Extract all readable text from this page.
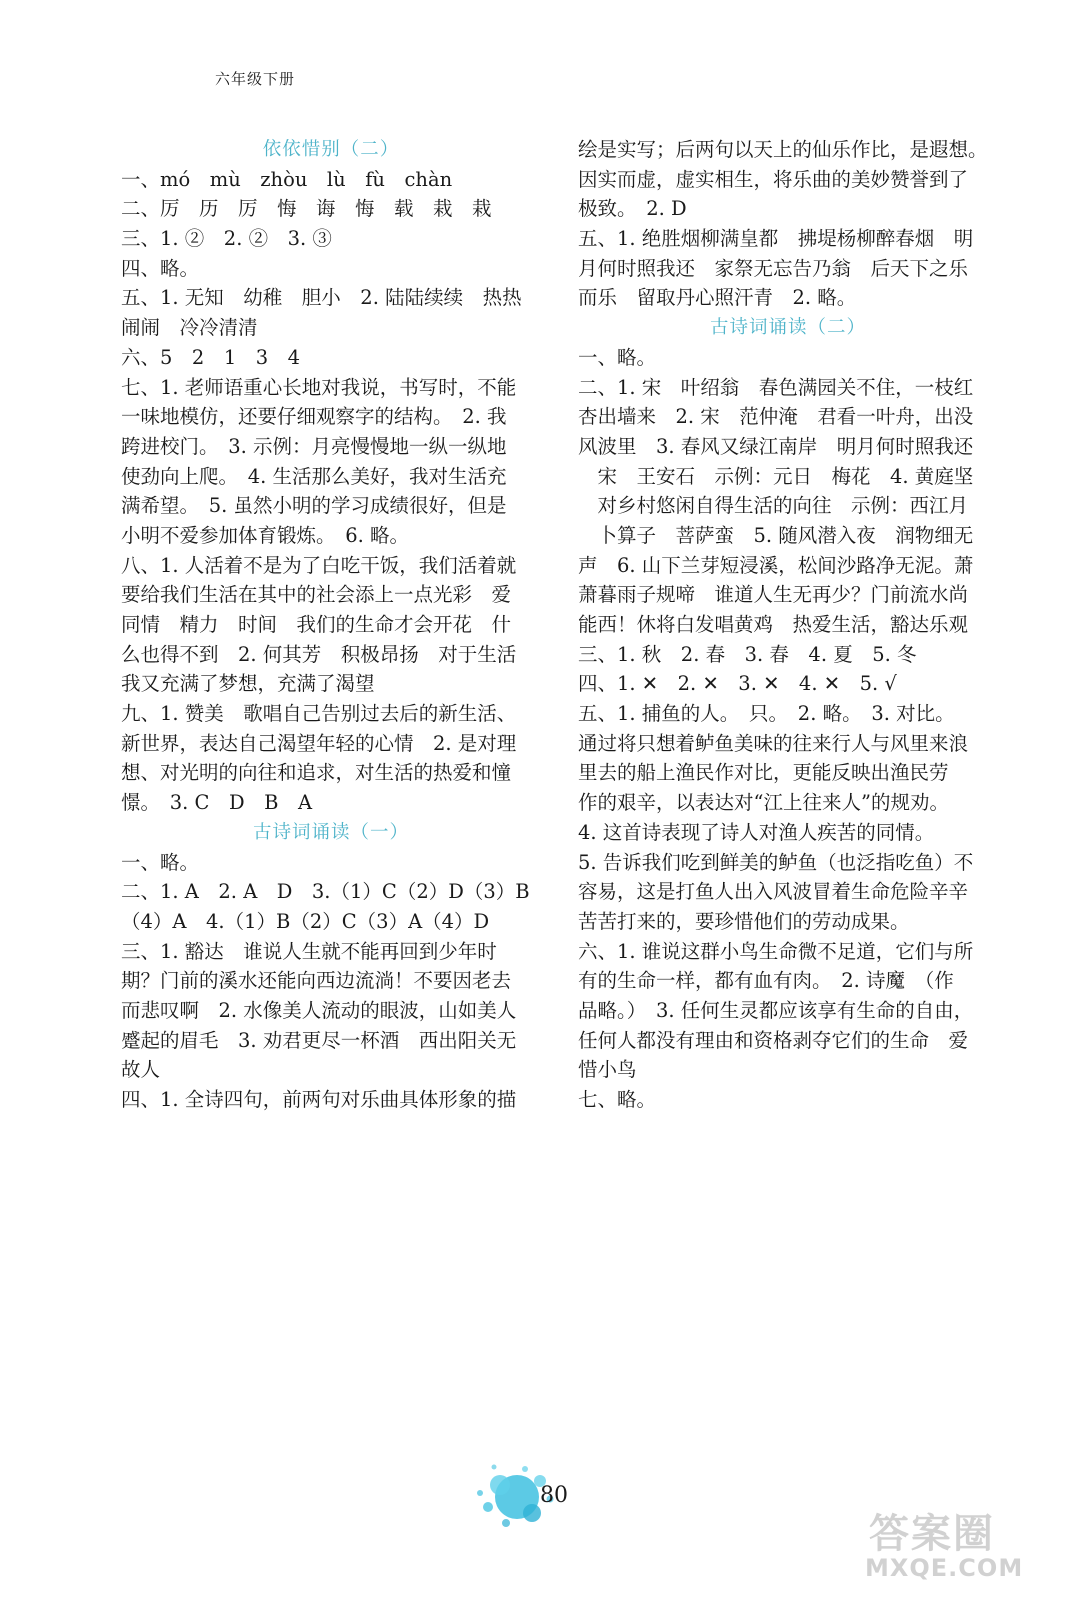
六年级下册
依依惜别（二）
一、mó　mù　zhòu　lù　fù　chàn
二、厉　历　厉　悔　诲　悔　载　栽　栽
三、1. ②　2. ②　3. ③
四、略。
五、1. 无知　幼稚　胆小　2. 陆陆续续　热热
闹闹　冷冷清清
六、5　2　1　3　4
七、1. 老师语重心长地对我说，书写时，不能
一味地模仿，还要仔细观察字的结构。　2. 我
跨进校门。　3. 示例：月亮慢慢地一纵一纵地
使劲向上爬。　4. 生活那么美好，我对生活充
满希望。　5. 虽然小明的学习成绩很好，但是
小明不爱参加体育锻炼。　6. 略。
八、1. 人活着不是为了白吃干饭，我们活着就
要给我们生活在其中的社会添上一点光彩　爱
同情　精力　时间　我们的生命才会开花　什
么也得不到　2. 何其芳　积极昂扬　对于生活
我又充满了梦想，充满了渴望
九、1. 赞美　歌唱自己告别过去后的新生活、
新世界，表达自己渴望年轻的心情　2. 是对理
想、对光明的向往和追求，对生活的热爱和憧
憬。　3. C　D　B　A
古诗词诵读（一）
一、略。
二、1. A　2. A　D　3.（1）C（2）D（3）B
（4）A　4.（1）B（2）C（3）A（4）D
三、1. 豁达　谁说人生就不能再回到少年时
期？门前的溪水还能向西边流淌！不要因老去
而悲叹啊　2. 水像美人流动的眼波，山如美人
蹙起的眉毛　3. 劝君更尽一杯酒　西出阳关无
故人
四、1. 全诗四句，前两句对乐曲具体形象的描
绘是实写；后两句以天上的仙乐作比，是遐想。
因实而虚，虚实相生，将乐曲的美妙赞誉到了
极致。　2. D
五、1. 绝胜烟柳满皇都　拂堤杨柳醉春烟　明
月何时照我还　家祭无忘告乃翁　后天下之乐
而乐　留取丹心照汗青　2. 略。
古诗词诵读（二）
一、略。
二、1. 宋　叶绍翁　春色满园关不住，一枝红
杏出墙来　2. 宋　范仲淹　君看一叶舟，出没
风波里　3. 春风又绿江南岸　明月何时照我还
　宋　王安石　示例：元日　梅花　4. 黄庭坚
　对乡村悠闲自得生活的向往　示例：西江月
　卜算子　菩萨蛮　5. 随风潜入夜　润物细无
声　6. 山下兰芽短浸溪，松间沙路净无泥。萧
萧暮雨子规啼　谁道人生无再少？门前流水尚
能西！休将白发唱黄鸡　热爱生活，豁达乐观
三、1. 秋　2. 春　3. 春　4. 夏　5. 冬
四、1. ✕　2. ✕　3. ✕　4. ✕　5. √
五、1. 捕鱼的人。　只。　2. 略。　3. 对比。
通过将只想着鲈鱼美味的往来行人与风里来浪
里去的船上渔民作对比，更能反映出渔民劳
作的艰辛，以表达对“江上往来人”的规劝。
4. 这首诗表现了诗人对渔人疾苦的同情。
5. 告诉我们吃到鲜美的鲈鱼（也泛指吃鱼）不
容易，这是打鱼人出入风波冒着生命危险辛辛
苦苦打来的，要珍惜他们的劳动成果。
六、1. 谁说这群小鸟生命微不足道，它们与所
有的生命一样，都有血有肉。　2. 诗魔　（作
品略。）　3. 任何生灵都应该享有生命的自由，
任何人都没有理由和资格剥夺它们的生命　爱
惜小鸟
七、略。
80
答案圈
MXQE.COM
